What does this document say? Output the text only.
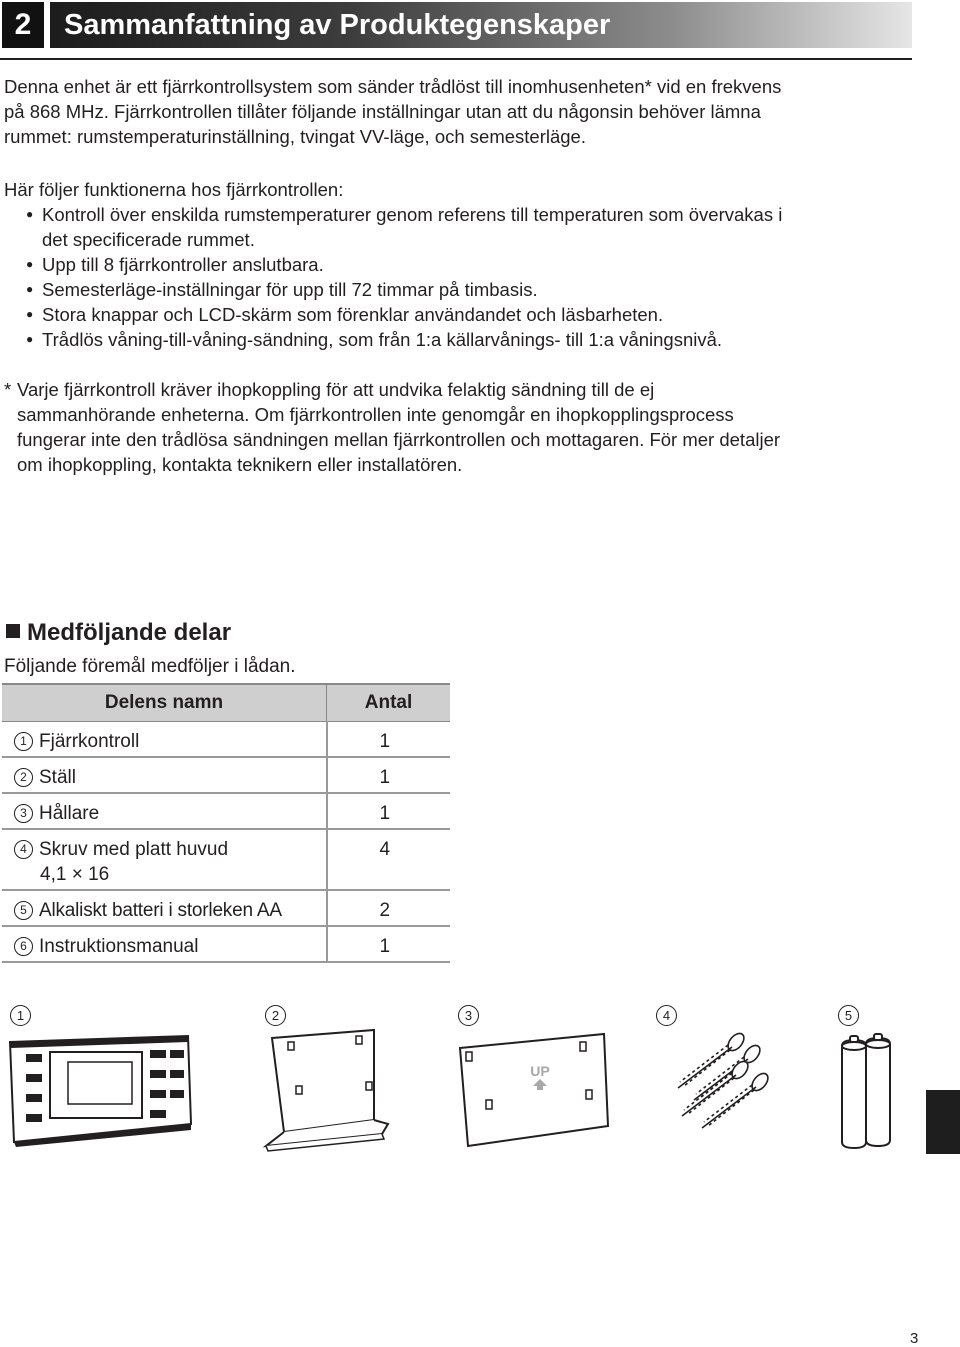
2	Sammanfattning av Produktegenskaper
Denna enhet är ett fjärrkontrollsystem som sänder trådlöst till inomhusenheten* vid en frekvens
på 868 MHz. Fjärrkontrollen tillåter följande inställningar utan att du någonsin behöver lämna
rummet: rumstemperaturinställning, tvingat VV-läge, och semesterläge.
Här följer funktionerna hos fjärrkontrollen:
● Kontroll över enskilda rumstemperaturer genom referens till temperaturen som övervakas i
det specificerade rummet.
● Upp till 8 fjärrkontroller anslutbara.
● Semesterläge-inställningar för upp till 72 timmar på timbasis.
● Stora knappar och LCD-skärm som förenklar användandet och läsbarheten.
● Trådlös våning-till-våning-sändning, som från 1:a källarvånings- till 1:a våningsnivå.
* Varje fjärrkontroll kräver ihopkoppling för att undvika felaktig sändning till de ej
sammanhörande enheterna. Om fjärrkontrollen inte genomgår en ihopkopplingsprocess
fungerar inte den trådlösa sändningen mellan fjärrkontrollen och mottagaren. För mer detaljer
om ihopkoppling, kontakta teknikern eller installatören.
Medföljande delar
Följande föremål medföljer i lådan.
Delens namn	Antal
1 Fjärrkontroll	1
2 Ställ	1
3 Hållare	1
4 Skruv med platt huvud
4,1 × 16	4
5 Alkaliskt batteri i storleken AA	2
6 Instruktionsmanual	1
1	2	3	4	5
UP
3
